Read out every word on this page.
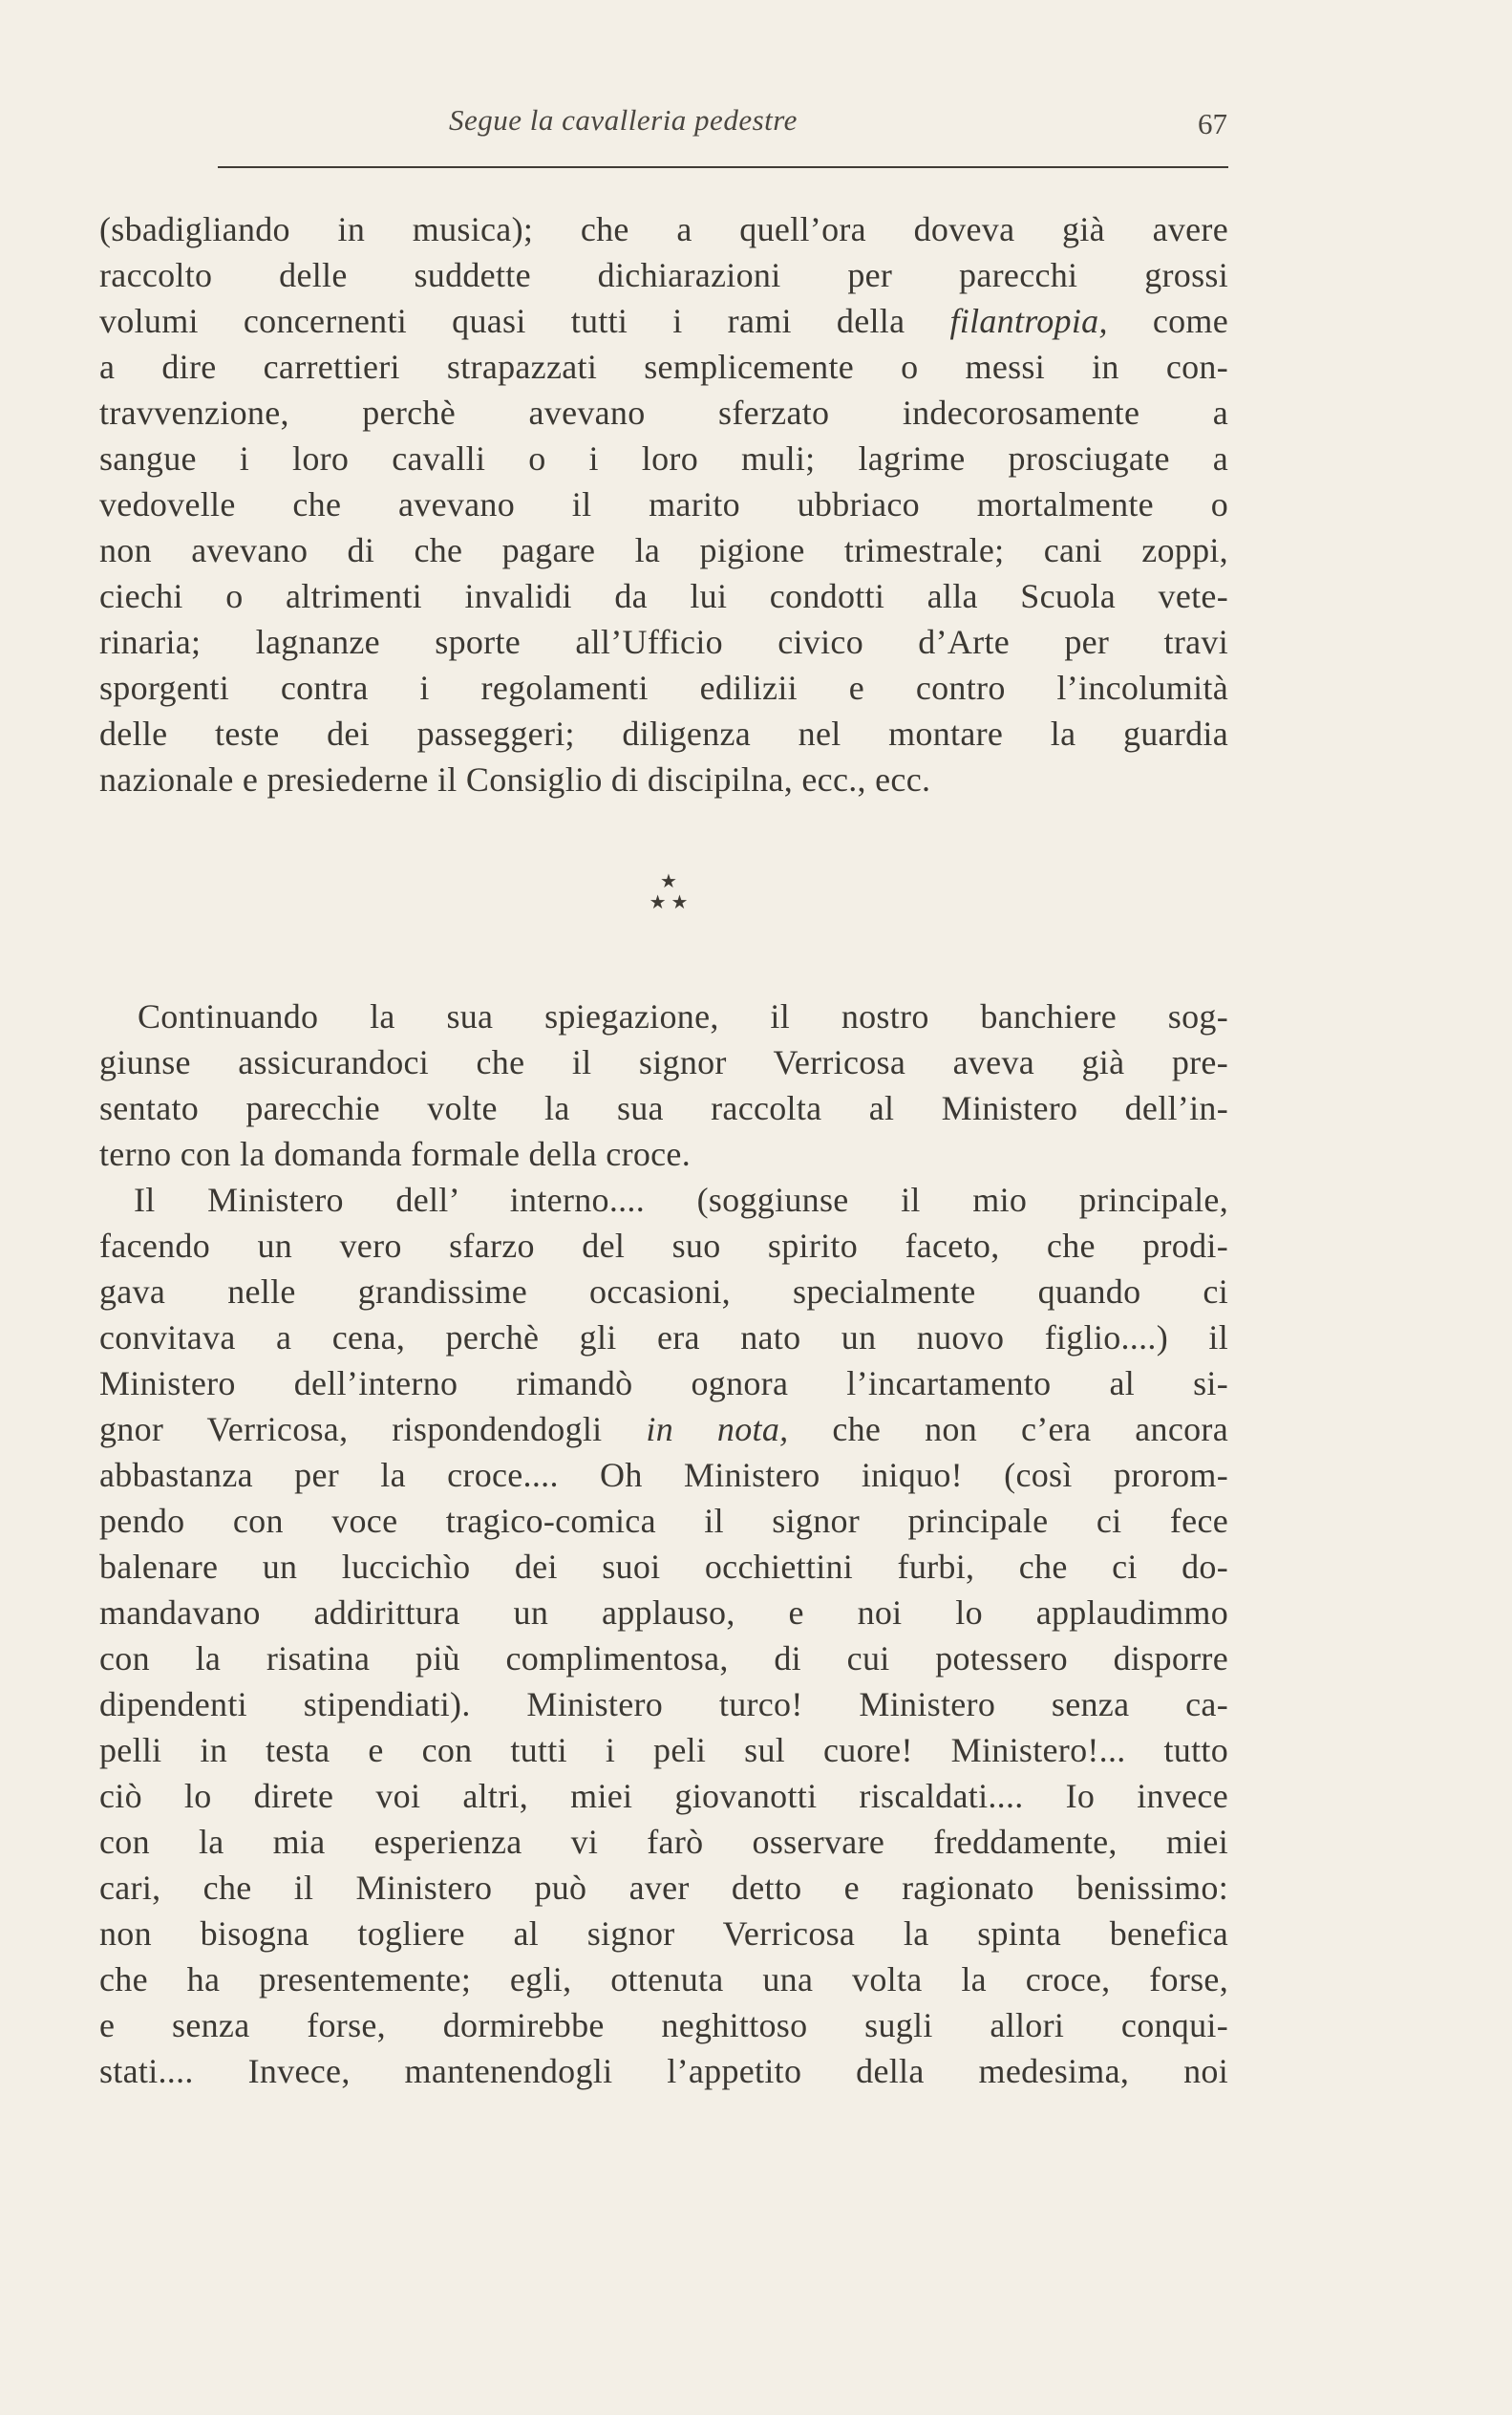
Segue la cavalleria pedestre	67
(sbadigliando in musica); che a quell’ora doveva già avere
raccolto delle suddette dichiarazioni per parecchi grossi
volumi concernenti quasi tutti i rami della filantropia, come
a dire carrettieri strapazzati semplicemente o messi in con-
travvenzione, perchè avevano sferzato indecorosamente a
sangue i loro cavalli o i loro muli; lagrime prosciugate a
vedovelle che avevano il marito ubbriaco mortalmente o
non avevano di che pagare la pigione trimestrale; cani zoppi,
ciechi o altrimenti invalidi da lui condotti alla Scuola vete-
rinaria; lagnanze sporte all’Ufficio civico d’Arte per travi
sporgenti contra i regolamenti edilizii e contro l’incolumità
delle teste dei passeggeri; diligenza nel montare la guardia
nazionale e presiederne il Consiglio di discipilna, ecc., ecc.
★
★ ★
Continuando la sua spiegazione, il nostro banchiere sog-
giunse assicurandoci che il signor Verricosa aveva già pre-
sentato parecchie volte la sua raccolta al Ministero dell’in-
terno con la domanda formale della croce.
Il Ministero dell’ interno.... (soggiunse il mio principale,
facendo un vero sfarzo del suo spirito faceto, che prodi-
gava nelle grandissime occasioni, specialmente quando ci
convitava a cena, perchè gli era nato un nuovo figlio....) il
Ministero dell’interno rimandò ognora l’incartamento al si-
gnor Verricosa, rispondendogli in nota, che non c’era ancora
abbastanza per la croce.... Oh Ministero iniquo! (così prorom-
pendo con voce tragico-comica il signor principale ci fece
balenare un luccichìo dei suoi occhiettini furbi, che ci do-
mandavano addirittura un applauso, e noi lo applaudimmo
con la risatina più complimentosa, di cui potessero disporre
dipendenti stipendiati). Ministero turco! Ministero senza ca-
pelli in testa e con tutti i peli sul cuore! Ministero!... tutto
ciò lo direte voi altri, miei giovanotti riscaldati.... Io invece
con la mia esperienza vi farò osservare freddamente, miei
cari, che il Ministero può aver detto e ragionato benissimo:
non bisogna togliere al signor Verricosa la spinta benefica
che ha presentemente; egli, ottenuta una volta la croce, forse,
e senza forse, dormirebbe neghittoso sugli allori conqui-
stati.... Invece, mantenendogli l’appetito della medesima, noi
